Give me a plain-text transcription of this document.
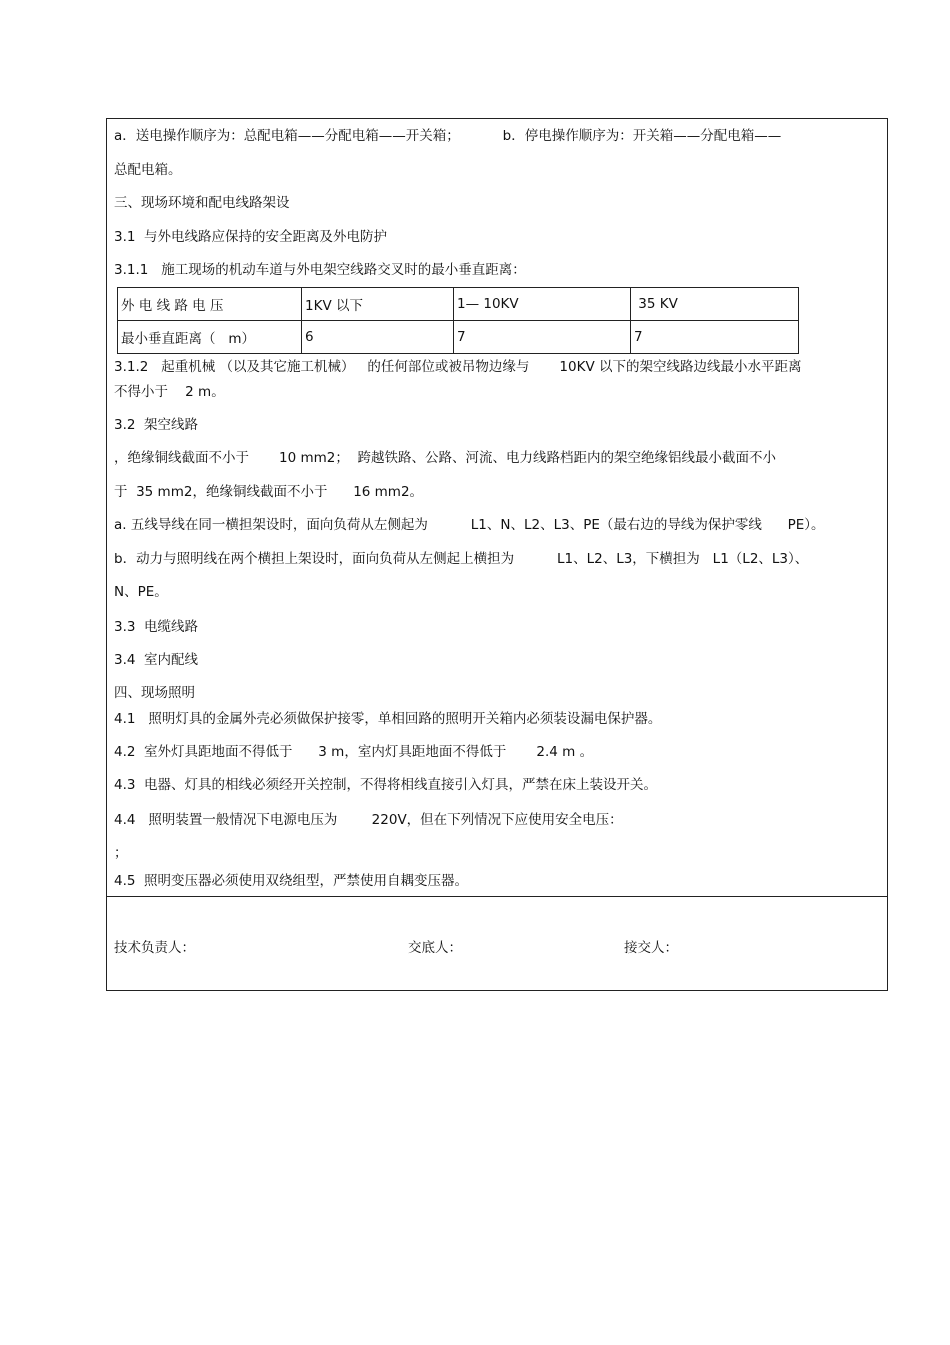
a．送电操作顺序为：总配电箱——分配电箱——开关箱；          b．停电操作顺序为：开关箱——分配电箱——
总配电箱。
三、现场环境和配电线路架设
3.1  与外电线路应保持的安全距离及外电防护
3.1.1   施工现场的机动车道与外电架空线路交叉时的最小垂直距离：
外 电 线 路 电 压	1KV 以下	1— 10KV	35 KV
最小垂直距离（   m）	6	7	7
3.1.2   起重机械 （以及其它施工机械）   的任何部位或被吊物边缘与       10KV 以下的架空线路边线最小水平距离
不得小于    2 m。
3.2  架空线路
，绝缘铜线截面不小于       10 mm2；  跨越铁路、公路、河流、电力线路档距内的架空绝缘铝线最小截面不小
于  35 mm2，绝缘铜线截面不小于      16 mm2。
a. 五线导线在同一横担架设时，面向负荷从左侧起为          L1、N、L2、L3、PE（最右边的导线为保护零线      PE）。
b．动力与照明线在两个横担上架设时，面向负荷从左侧起上横担为          L1、L2、L3，下横担为   L1（L2、L3）、
N、PE。
3.3  电缆线路
3.4  室内配线
四、现场照明
4.1   照明灯具的金属外壳必须做保护接零，单相回路的照明开关箱内必须装设漏电保护器。
4.2  室外灯具距地面不得低于      3 m，室内灯具距地面不得低于       2.4 m 。
4.3  电器、灯具的相线必须经开关控制，不得将相线直接引入灯具，严禁在床上装设开关。
4.4   照明装置一般情况下电源电压为        220V，但在下列情况下应使用安全电压：
；
4.5  照明变压器必须使用双绕组型，严禁使用自耦变压器。
技术负责人：	交底人：	接交人：
